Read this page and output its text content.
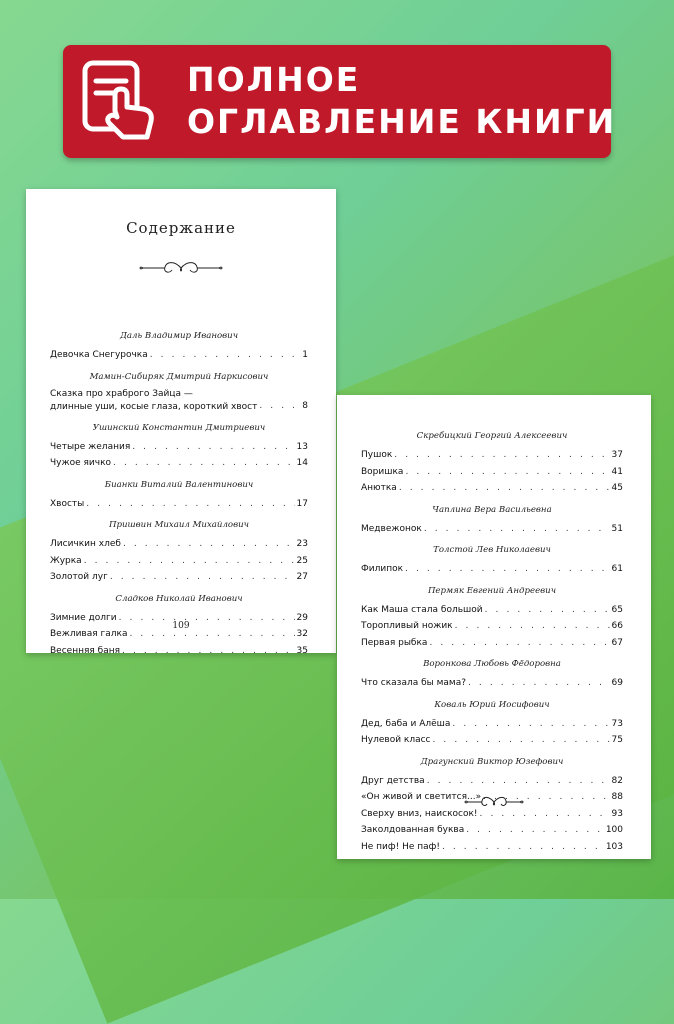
ПОЛНОЕ
ОГЛАВЛЕНИЕ КНИГИ
Содержание
Даль Владимир Иванович
Девочка Снегурочка . . .	1
Мамин-Сибиряк Дмитрий Наркисович
Сказка про храброго Зайца —
длинные уши, косые глаза, короткий хвост . . .	8
Ушинский Константин Дмитриевич
Четыре желания . . .	13
Чужое яичко . . .	14
Бианки Виталий Валентинович
Хвосты . . .	17
Пришвин Михаил Михайлович
Лисичкин хлеб . . .	23
Журка . . .	25
Золотой луг . . .	27
Сладков Николай Иванович
Зимние долги . . .	29
Вежливая галка . . .	32
Весенняя баня . . .	35
109
Скребицкий Георгий Алексеевич
Пушок . . .	37
Воришка . . .	41
Анютка . . .	45
Чаплина Вера Васильевна
Медвежонок . . .	51
Толстой Лев Николаевич
Филипок . . .	61
Пермяк Евгений Андреевич
Как Маша стала большой . . .	65
Торопливый ножик . . .	66
Первая рыбка . . .	67
Воронкова Любовь Фёдоровна
Что сказала бы мама? . . .	69
Коваль Юрий Иосифович
Дед, баба и Алёша . . .	73
Нулевой класс . . .	75
Драгунский Виктор Юзефович
Друг детства . . .	82
«Он живой и светится...» . . .	88
Сверху вниз, наискосок! . . .	93
Заколдованная буква . . .	100
Не пиф! Не паф! . . .	103
